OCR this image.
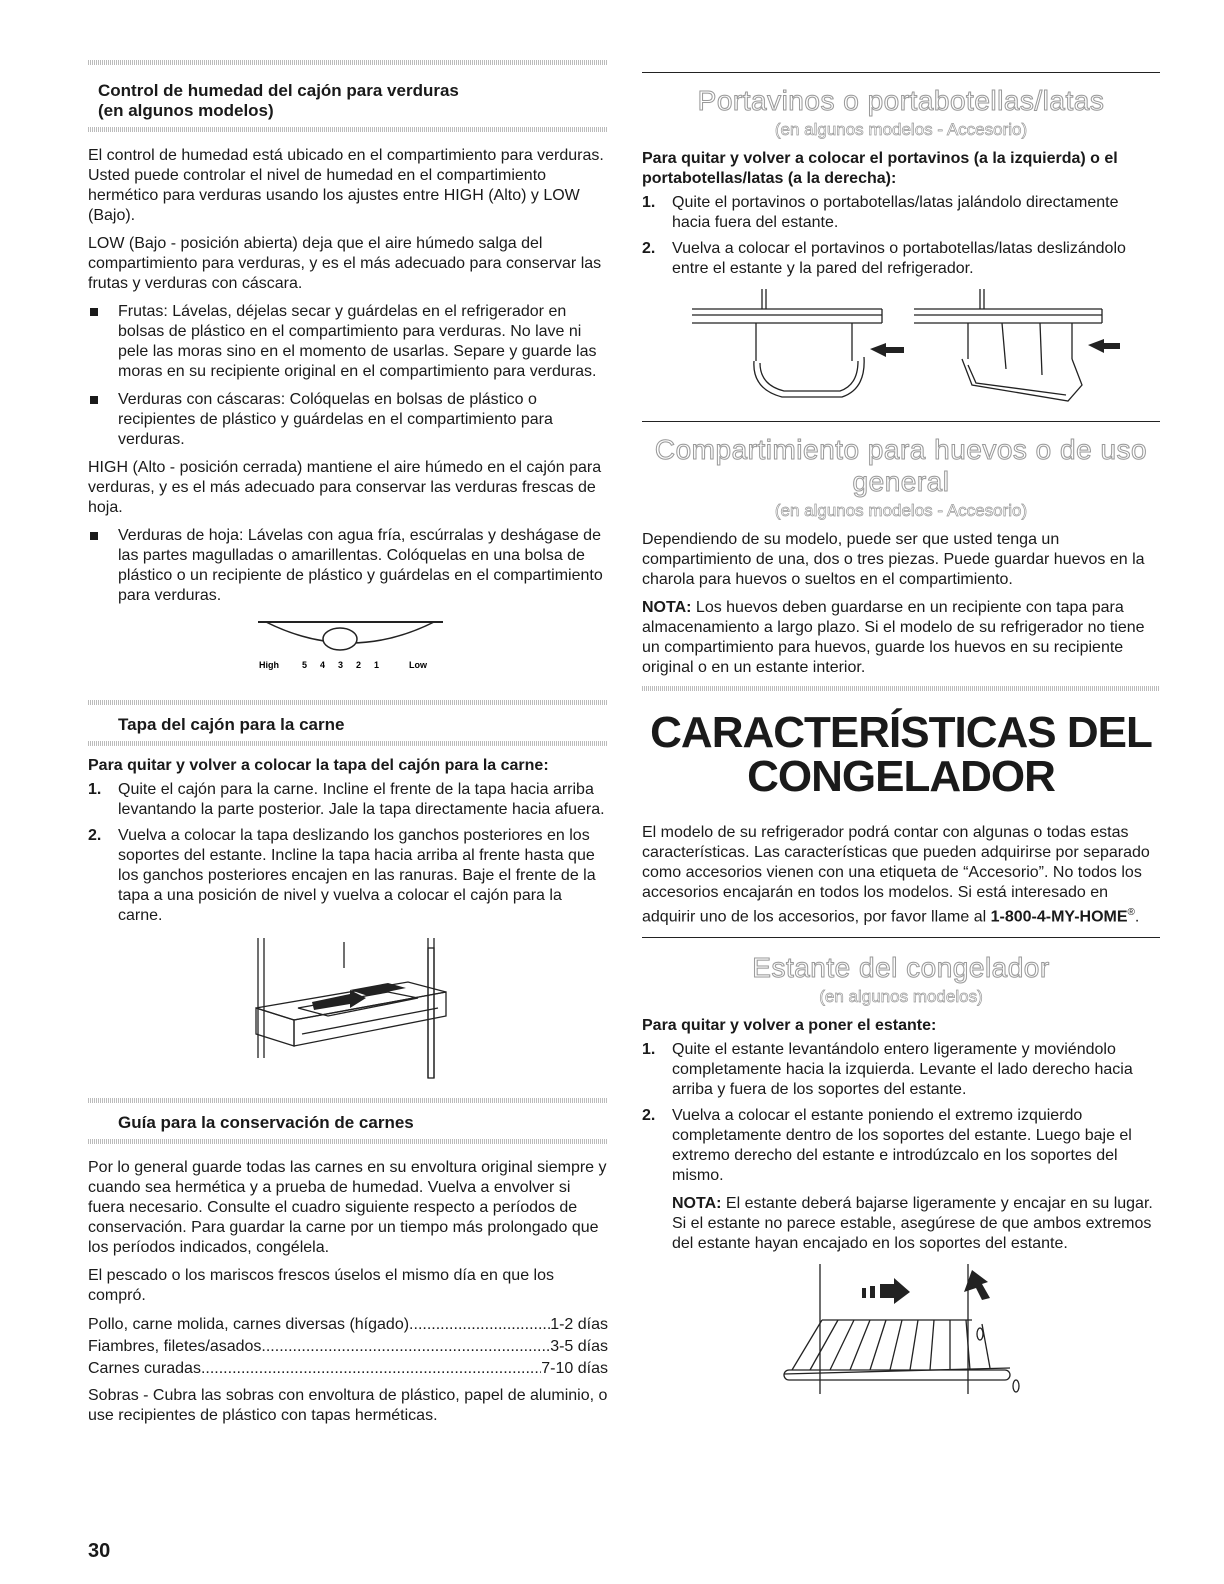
Control de humedad del cajón para verduras
(en algunos modelos)

El control de humedad está ubicado en el compartimiento para verduras. Usted puede controlar el nivel de humedad en el compartimiento hermético para verduras usando los ajustes entre HIGH (Alto) y LOW (Bajo).

LOW (Bajo - posición abierta) deja que el aire húmedo salga del compartimiento para verduras, y es el más adecuado para conservar las frutas y verduras con cáscara.

Frutas: Lávelas, déjelas secar y guárdelas en el refrigerador en bolsas de plástico en el compartimiento para verduras. No lave ni pele las moras sino en el momento de usarlas. Separe y guarde las moras en su recipiente original en el compartimiento para verduras.
Verduras con cáscaras: Colóquelas en bolsas de plástico o recipientes de plástico y guárdelas en el compartimiento para verduras.

HIGH (Alto - posición cerrada) mantiene el aire húmedo en el cajón para verduras, y es el más adecuado para conservar las verduras frescas de hoja.

Verduras de hoja: Lávelas con agua fría, escúrralas y deshágase de las partes magulladas o amarillentas. Colóquelas en una bolsa de plástico o un recipiente de plástico y guárdelas en el compartimiento para verduras.
High	5 4 3 2 1	Low
Tapa del cajón para la carne
Para quitar y volver a colocar la tapa del cajón para la carne:
1. Quite el cajón para la carne. Incline el frente de la tapa hacia arriba levantando la parte posterior. Jale la tapa directamente hacia afuera.
2. Vuelva a colocar la tapa deslizando los ganchos posteriores en los soportes del estante. Incline la tapa hacia arriba al frente hasta que los ganchos posteriores encajen en las ranuras. Baje el frente de la tapa a una posición de nivel y vuelva a colocar el cajón para la carne.
Guía para la conservación de carnes

Por lo general guarde todas las carnes en su envoltura original siempre y cuando sea hermética y a prueba de humedad. Vuelva a envolver si fuera necesario. Consulte el cuadro siguiente respecto a períodos de conservación. Para guardar la carne por un tiempo más prolongado que los períodos indicados, congélela.

El pescado o los mariscos frescos úselos el mismo día en que los compró.

Pollo, carne molida, carnes diversas (hígado) .....	1-2 días
Fiambres, filetes/asados .....	3-5 días
Carnes curadas .....	7-10 días

Sobras - Cubra las sobras con envoltura de plástico, papel de aluminio, o use recipientes de plástico con tapas herméticas.

Portavinos o portabotellas/latas
(en algunos modelos - Accesorio)
Para quitar y volver a colocar el portavinos (a la izquierda) o el portabotellas/latas (a la derecha):
1. Quite el portavinos o portabotellas/latas jalándolo directamente hacia fuera del estante.
2. Vuelva a colocar el portavinos o portabotellas/latas deslizándolo entre el estante y la pared del refrigerador.
Compartimiento para huevos o de uso
general
(en algunos modelos - Accesorio)

Dependiendo de su modelo, puede ser que usted tenga un compartimiento de una, dos o tres piezas. Puede guardar huevos en la charola para huevos o sueltos en el compartimiento.

NOTA: Los huevos deben guardarse en un recipiente con tapa para almacenamiento a largo plazo. Si el modelo de su refrigerador no tiene un compartimiento para huevos, guarde los huevos en su recipiente original o en un estante interior.

CARACTERÍSTICAS DEL
CONGELADOR

El modelo de su refrigerador podrá contar con algunas o todas estas características. Las características que pueden adquirirse por separado como accesorios vienen con una etiqueta de “Accesorio”. No todos los accesorios encajarán en todos los modelos. Si está interesado en adquirir uno de los accesorios, por favor llame al 1-800-4-MY-HOME®.

Estante del congelador
(en algunos modelos)
Para quitar y volver a poner el estante:
1. Quite el estante levantándolo entero ligeramente y moviéndolo completamente hacia la izquierda. Levante el lado derecho hacia arriba y fuera de los soportes del estante.
2. Vuelva a colocar el estante poniendo el extremo izquierdo completamente dentro de los soportes del estante. Luego baje el extremo derecho del estante e introdúzcalo en los soportes del mismo.

NOTA: El estante deberá bajarse ligeramente y encajar en su lugar. Si el estante no parece estable, asegúrese de que ambos extremos del estante hayan encajado en los soportes del estante.

30
